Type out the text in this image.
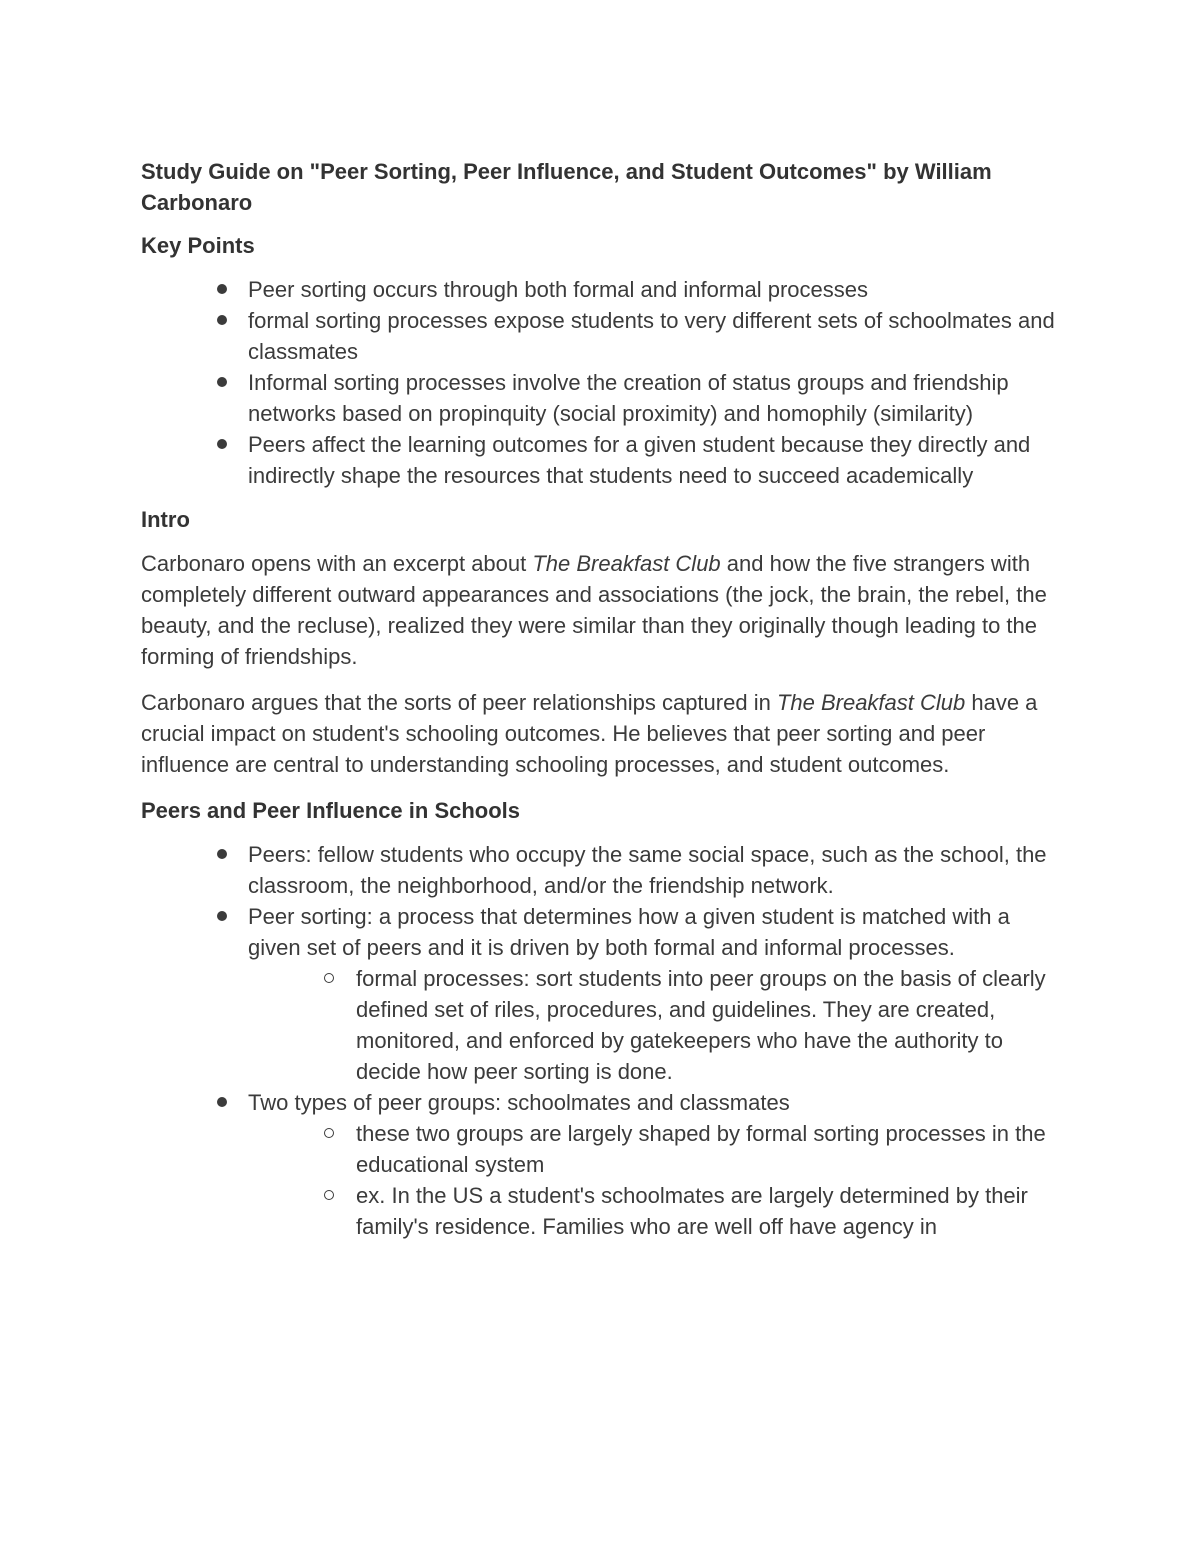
Study Guide on "Peer Sorting, Peer Influence, and Student Outcomes" by William Carbonaro
Key Points
Peer sorting occurs through both formal and informal processes
formal sorting processes expose students to very different sets of schoolmates and classmates
Informal sorting processes involve the creation of status groups and friendship networks based on propinquity (social proximity) and homophily (similarity)
Peers affect the learning outcomes for a given student because they directly and indirectly shape the resources that students need to succeed academically
Intro

Carbonaro opens with an excerpt about The Breakfast Club and how the five strangers with completely different outward appearances and associations (the jock, the brain, the rebel, the beauty, and the recluse), realized they were similar than they originally though leading to the forming of friendships.

Carbonaro argues that the sorts of peer relationships captured in The Breakfast Club have a crucial impact on student's schooling outcomes. He believes that peer sorting and peer influence are central to understanding schooling processes, and student outcomes.

Peers and Peer Influence in Schools
Peers: fellow students who occupy the same social space, such as the school, the classroom, the neighborhood, and/or the friendship network.
Peer sorting: a process that determines how a given student is matched with a given set of peers and it is driven by both formal and informal processes.
formal processes: sort students into peer groups on the basis of clearly defined set of riles, procedures, and guidelines. They are created, monitored, and enforced by gatekeepers who have the authority to decide how peer sorting is done.
Two types of peer groups: schoolmates and classmates
these two groups are largely shaped by formal sorting processes in the educational system
ex. In the US a student's schoolmates are largely determined by their family's residence. Families who are well off have agency in
